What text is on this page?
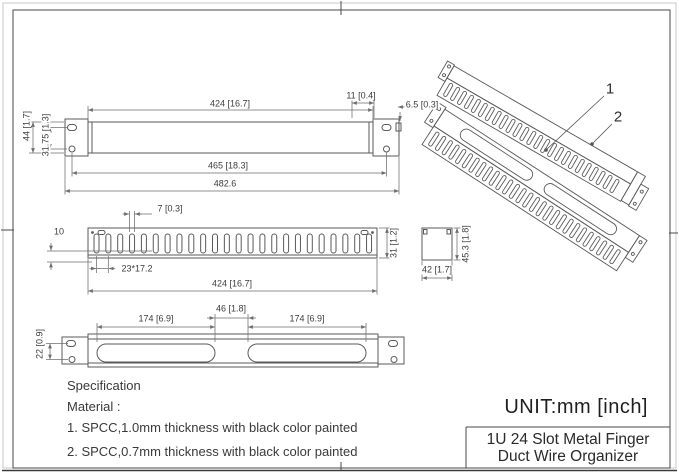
424 [16.7]
11 [0.4]
6.5 [0.3]
44 [1.7] 31.75 [1.3]
465 [18.3]
482.6
7 [0.3]
10
23*17.2
424 [16.7]
31 [1.2]
42 [1.7]
45.3 [1.8]
46 [1.8]
174 [6.9]	174 [6.9]
22 [0.9]
1
2
Specification
Material :
1. SPCC,1.0mm thickness with black color painted
2. SPCC,0.7mm thickness with black color painted
UNIT:mm [inch]
1U 24 Slot Metal Finger
Duct Wire Organizer
